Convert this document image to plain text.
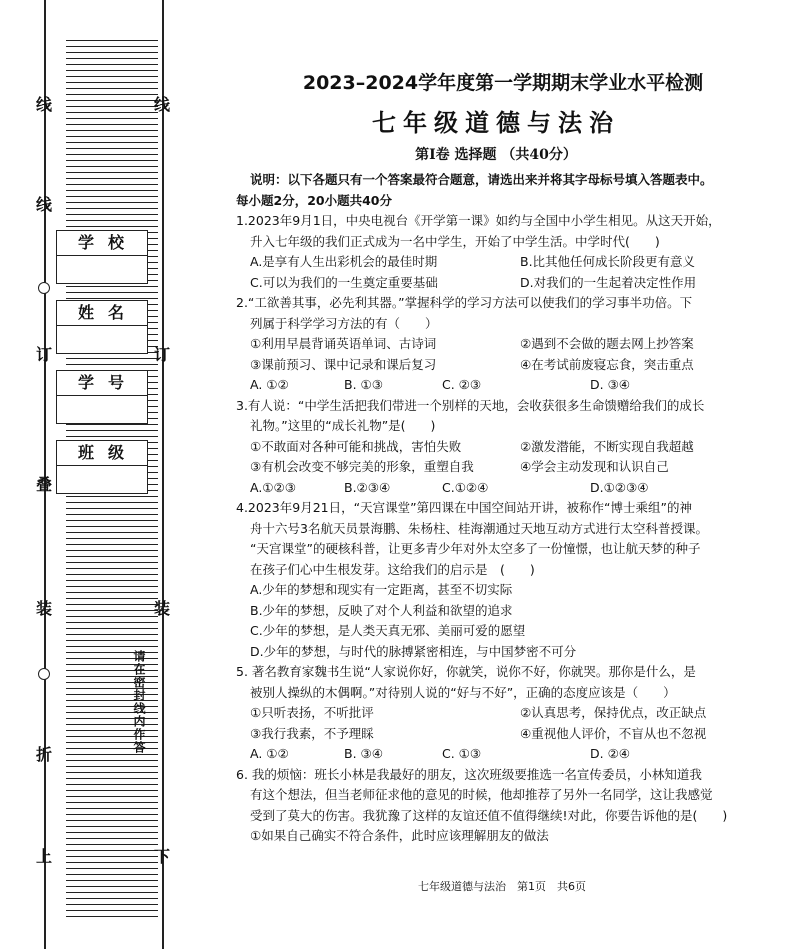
线
线
订
叠
装
折
上
线
订
装
下
学校
姓名
学号
班级
请在密封线内作答
2023–2024学年度第一学期期末学业水平检测
七年级道德与法治
第Ⅰ卷 选择题 （共40分）
说明：以下各题只有一个答案最符合题意，请选出来并将其字母标号填入答题表中。
每小题2分，20小题共40分
1.2023年9月1日，中央电视台《开学第一课》如约与全国中小学生相见。从这天开始，
升入七年级的我们正式成为一名中学生，开始了中学生活。中学时代(　　)
A.是享有人生出彩机会的最佳时期	B.比其他任何成长阶段更有意义
C.可以为我们的一生奠定重要基础	D.对我们的一生起着决定性作用
2.“工欲善其事，必先利其器。”掌握科学的学习方法可以使我们的学习事半功倍。下
列属于科学学习方法的有（　　）
①利用早晨背诵英语单词、古诗词	②遇到不会做的题去网上抄答案
③课前预习、课中记录和课后复习	④在考试前废寝忘食，突击重点
A. ①②	B. ①③	C. ②③	D. ③④
3.有人说：“中学生活把我们带进一个别样的天地，会收获很多生命馈赠给我们的成长
礼物。”这里的“成长礼物”是(　　)
①不敢面对各种可能和挑战，害怕失败	②激发潜能，不断实现自我超越
③有机会改变不够完美的形象，重塑自我	④学会主动发现和认识自己
A.①②③	B.②③④	C.①②④	D.①②③④
4.2023年9月21日，“天宫课堂”第四课在中国空间站开讲，被称作“博士乘组”的神
舟十六号3名航天员景海鹏、朱杨柱、桂海潮通过天地互动方式进行太空科普授课。
“天宫课堂”的硬核科普，让更多青少年对外太空多了一份憧憬，也让航天梦的种子
在孩子们心中生根发芽。这给我们的启示是　(　　)
A.少年的梦想和现实有一定距离，甚至不切实际
B.少年的梦想，反映了对个人利益和欲望的追求
C.少年的梦想，是人类天真无邪、美丽可爱的愿望
D.少年的梦想，与时代的脉搏紧密相连，与中国梦密不可分
5. 著名教育家魏书生说“人家说你好，你就笑，说你不好，你就哭。那你是什么，是
被别人操纵的木偶啊。”对待别人说的“好与不好”，正确的态度应该是（　　）
①只听表扬，不听批评	②认真思考，保持优点，改正缺点
③我行我素，不予理睬	④重视他人评价，不盲从也不忽视
A. ①②	B. ③④	C. ①③	D. ②④
6. 我的烦恼：班长小林是我最好的朋友，这次班级要推选一名宣传委员，小林知道我
有这个想法，但当老师征求他的意见的时候，他却推荐了另外一名同学，这让我感觉
受到了莫大的伤害。我犹豫了这样的友谊还值不值得继续!对此，你要告诉他的是(　　)
①如果自己确实不符合条件，此时应该理解朋友的做法
七年级道德与法治　第1页　共6页
